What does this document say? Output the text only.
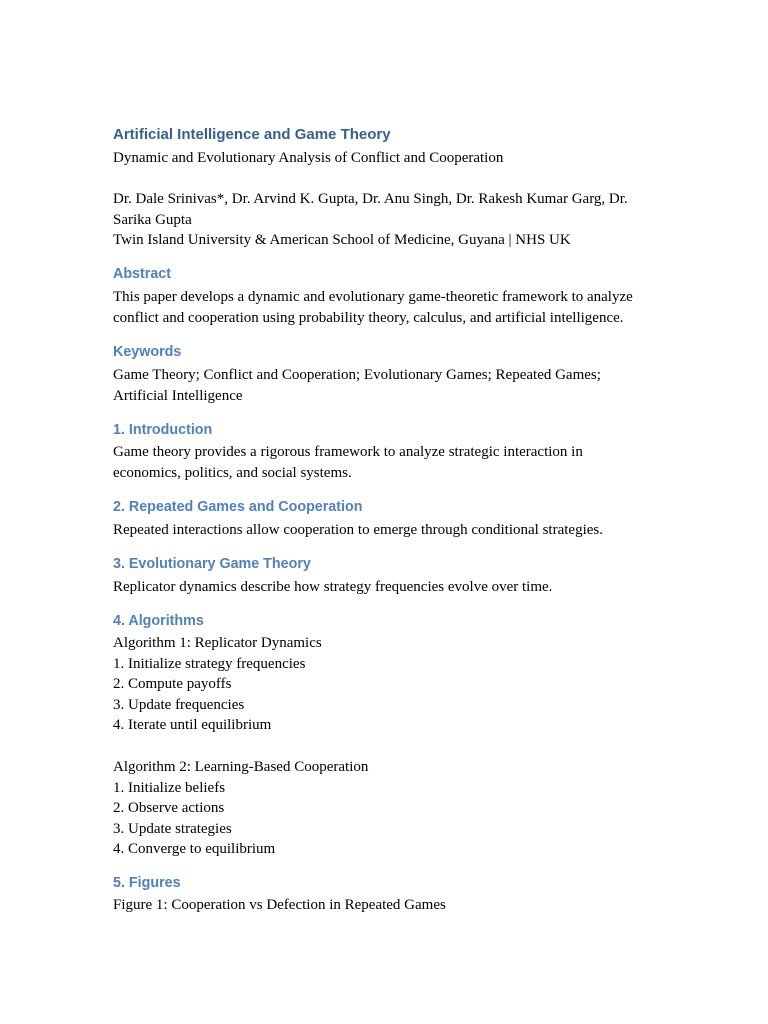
Artificial Intelligence and Game Theory
Dynamic and Evolutionary Analysis of Conflict and Cooperation
Dr. Dale Srinivas*, Dr. Arvind K. Gupta, Dr. Anu Singh, Dr. Rakesh Kumar Garg, Dr. Sarika Gupta
Twin Island University & American School of Medicine, Guyana | NHS UK
Abstract
This paper develops a dynamic and evolutionary game-theoretic framework to analyze conflict and cooperation using probability theory, calculus, and artificial intelligence.
Keywords
Game Theory; Conflict and Cooperation; Evolutionary Games; Repeated Games; Artificial Intelligence
1. Introduction
Game theory provides a rigorous framework to analyze strategic interaction in economics, politics, and social systems.
2. Repeated Games and Cooperation
Repeated interactions allow cooperation to emerge through conditional strategies.
3. Evolutionary Game Theory
Replicator dynamics describe how strategy frequencies evolve over time.
4. Algorithms
Algorithm 1: Replicator Dynamics
1. Initialize strategy frequencies
2. Compute payoffs
3. Update frequencies
4. Iterate until equilibrium
Algorithm 2: Learning-Based Cooperation
1. Initialize beliefs
2. Observe actions
3. Update strategies
4. Converge to equilibrium
5. Figures
Figure 1: Cooperation vs Defection in Repeated Games
